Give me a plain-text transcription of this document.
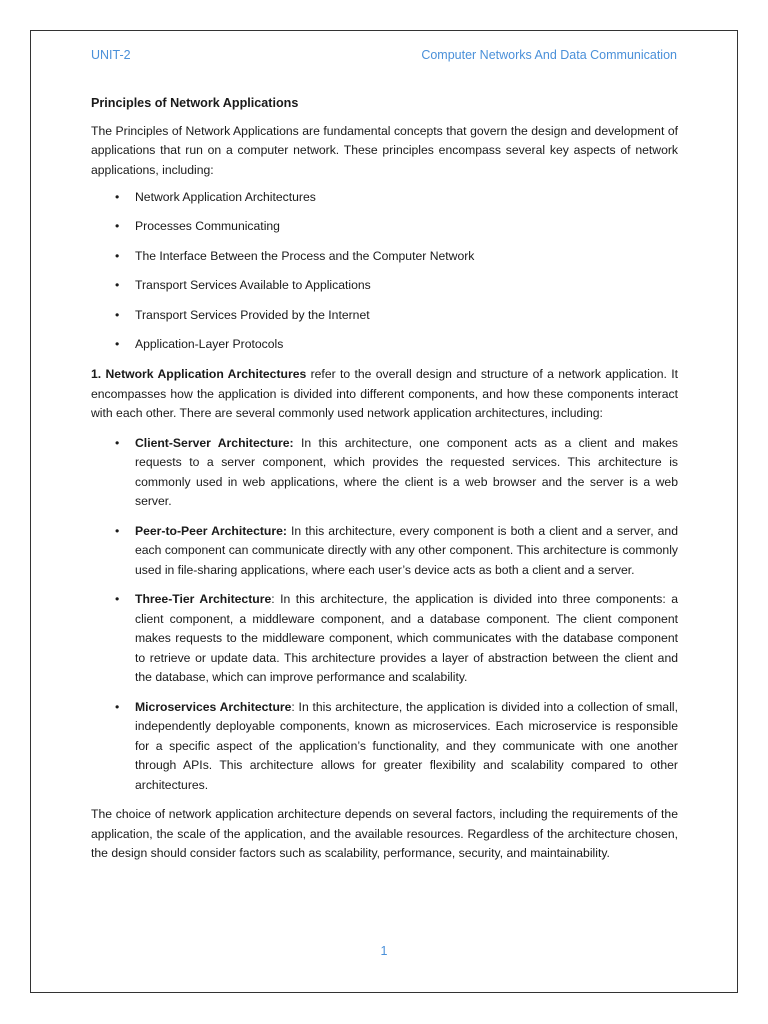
UNIT-2	Computer Networks And Data Communication

Principles of Network Applications

The Principles of Network Applications are fundamental concepts that govern the design and development of applications that run on a computer network. These principles encompass several key aspects of network applications, including:

• Network Application Architectures
• Processes Communicating
• The Interface Between the Process and the Computer Network
• Transport Services Available to Applications
• Transport Services Provided by the Internet
• Application-Layer Protocols

1. Network Application Architectures refer to the overall design and structure of a network application. It encompasses how the application is divided into different components, and how these components interact with each other. There are several commonly used network application architectures, including:

• Client-Server Architecture: In this architecture, one component acts as a client and makes requests to a server component, which provides the requested services. This architecture is commonly used in web applications, where the client is a web browser and the server is a web server.
• Peer-to-Peer Architecture: In this architecture, every component is both a client and a server, and each component can communicate directly with any other component. This architecture is commonly used in file-sharing applications, where each user’s device acts as both a client and a server.
• Three-Tier Architecture: In this architecture, the application is divided into three components: a client component, a middleware component, and a database component. The client component makes requests to the middleware component, which communicates with the database component to retrieve or update data. This architecture provides a layer of abstraction between the client and the database, which can improve performance and scalability.
• Microservices Architecture: In this architecture, the application is divided into a collection of small, independently deployable components, known as microservices. Each microservice is responsible for a specific aspect of the application’s functionality, and they communicate with one another through APIs. This architecture allows for greater flexibility and scalability compared to other architectures.

The choice of network application architecture depends on several factors, including the requirements of the application, the scale of the application, and the available resources. Regardless of the architecture chosen, the design should consider factors such as scalability, performance, security, and maintainability.

1
